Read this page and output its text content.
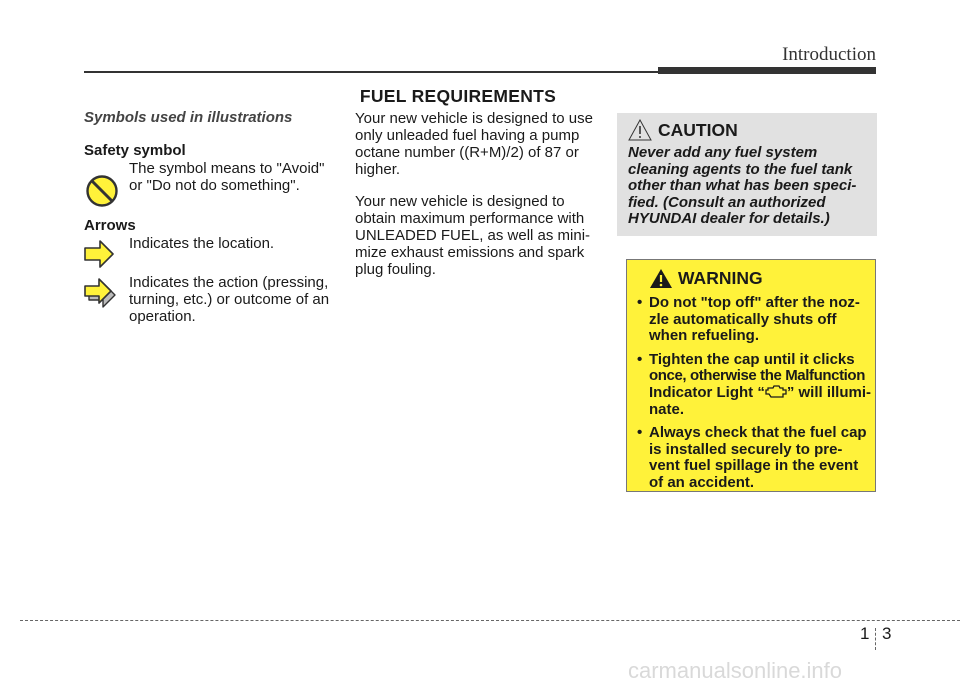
Introduction
FUEL REQUIREMENTS
Symbols used in illustrations
Safety symbol
The symbol means to "Avoid"
or "Do not do something".
Arrows
Indicates the location.
Indicates the action (pressing,
turning, etc.) or outcome of an
operation.

Your new vehicle is designed to use
only unleaded fuel having a pump
octane number ((R+M)/2) of 87 or
higher.

Your new vehicle is designed to
obtain maximum performance with
UNLEADED FUEL, as well as mini-
mize exhaust emissions and spark
plug fouling.

CAUTION
Never add any fuel system
cleaning agents to the fuel tank
other than what has been speci-
fied. (Consult an authorized
HYUNDAI dealer for details.)
WARNING
• Do not "top off" after the noz-
zle automatically shuts off
when refueling.
• Tighten the cap until it clicks
once, otherwise the Malfunction
Indicator Light “ ” will illumi-
nate.
• Always check that the fuel cap
is installed securely to pre-
vent fuel spillage in the event
of an accident.
1 3
carmanualsonline.info
